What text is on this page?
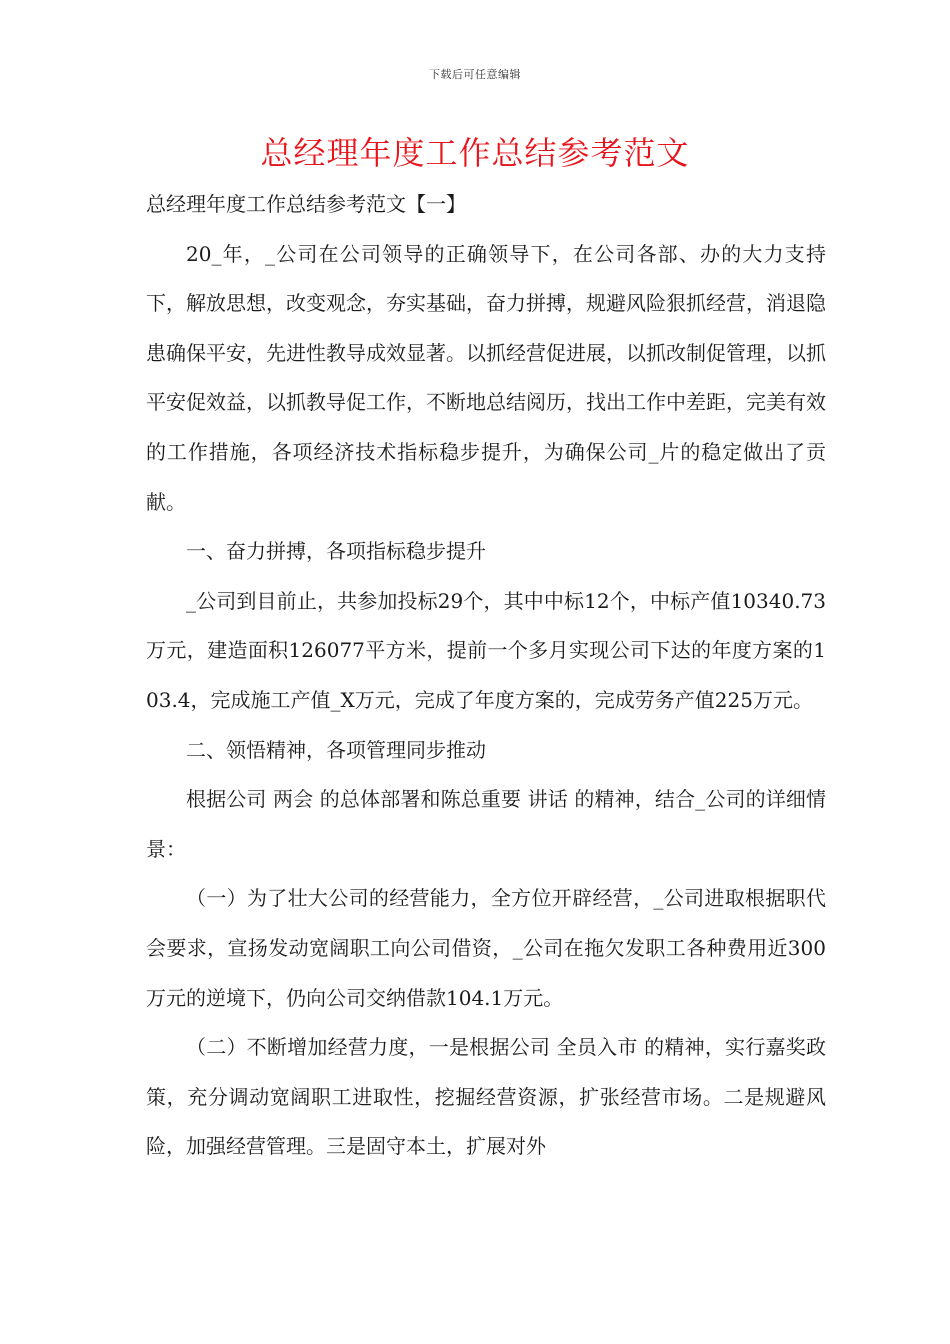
下载后可任意编辑
总经理年度工作总结参考范文

总经理年度工作总结参考范文【一】

20_年，_公司在公司领导的正确领导下，在公司各部、办的大力支持下，解放思想，改变观念，夯实基础，奋力拼搏，规避风险狠抓经营，消退隐患确保平安，先进性教导成效显著。以抓经营促进展，以抓改制促管理，以抓平安促效益，以抓教导促工作，不断地总结阅历，找出工作中差距，完美有效的工作措施，各项经济技术指标稳步提升，为确保公司_片的稳定做出了贡献。

一、奋力拼搏，各项指标稳步提升

_公司到目前止，共参加投标29个，其中中标12个，中标产值10340.73万元，建造面积126077平方米，提前一个多月实现公司下达的年度方案的103.4，完成施工产值_X万元，完成了年度方案的，完成劳务产值225万元。

二、领悟精神，各项管理同步推动

根据公司 两会 的总体部署和陈总重要 讲话 的精神，结合_公司的详细情景：

（一）为了壮大公司的经营能力，全方位开辟经营，_公司进取根据职代会要求，宣扬发动宽阔职工向公司借资，_公司在拖欠发职工各种费用近300万元的逆境下，仍向公司交纳借款104.1万元。

（二）不断增加经营力度，一是根据公司 全员入市 的精神，实行嘉奖政策，充分调动宽阔职工进取性，挖掘经营资源，扩张经营市场。二是规避风险，加强经营管理。三是固守本土，扩展对外
